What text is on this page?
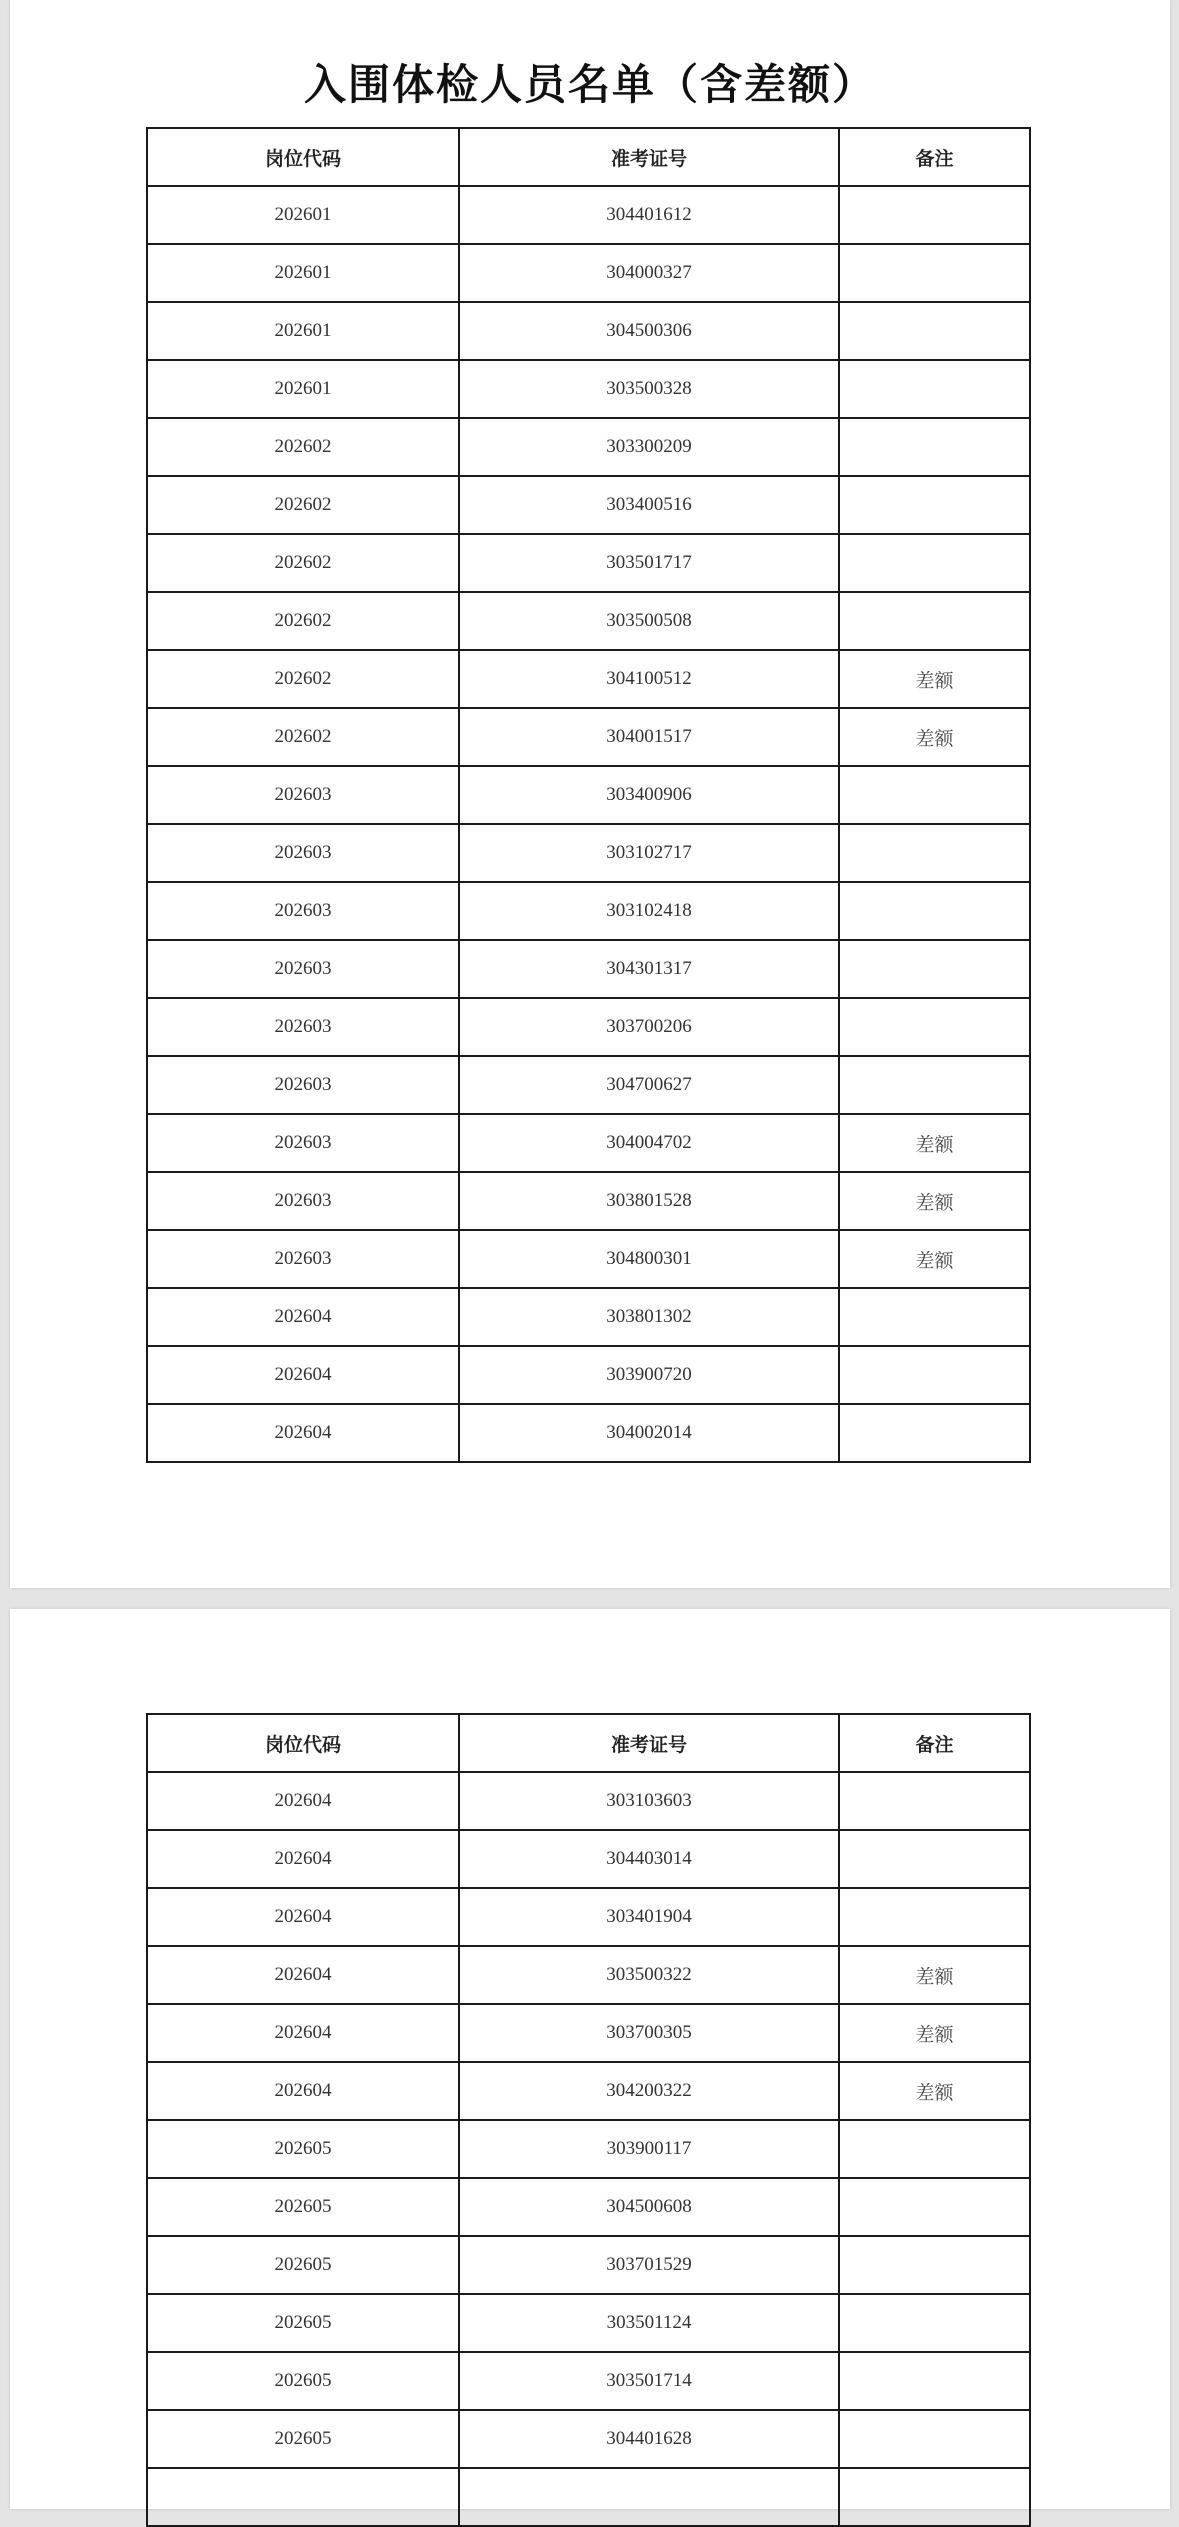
入围体检人员名单（含差额）
岗位代码	准考证号	备注
202601	304401612	
202601	304000327	
202601	304500306	
202601	303500328	
202602	303300209	
202602	303400516	
202602	303501717	
202602	303500508	
202602	304100512	差额
202602	304001517	差额
202603	303400906	
202603	303102717	
202603	303102418	
202603	304301317	
202603	303700206	
202603	304700627	
202603	304004702	差额
202603	303801528	差额
202603	304800301	差额
202604	303801302	
202604	303900720	
202604	304002014	
岗位代码	准考证号	备注
202604	303103603	
202604	304403014	
202604	303401904	
202604	303500322	差额
202604	303700305	差额
202604	304200322	差额
202605	303900117	
202605	304500608	
202605	303701529	
202605	303501124	
202605	303501714	
202605	304401628	
